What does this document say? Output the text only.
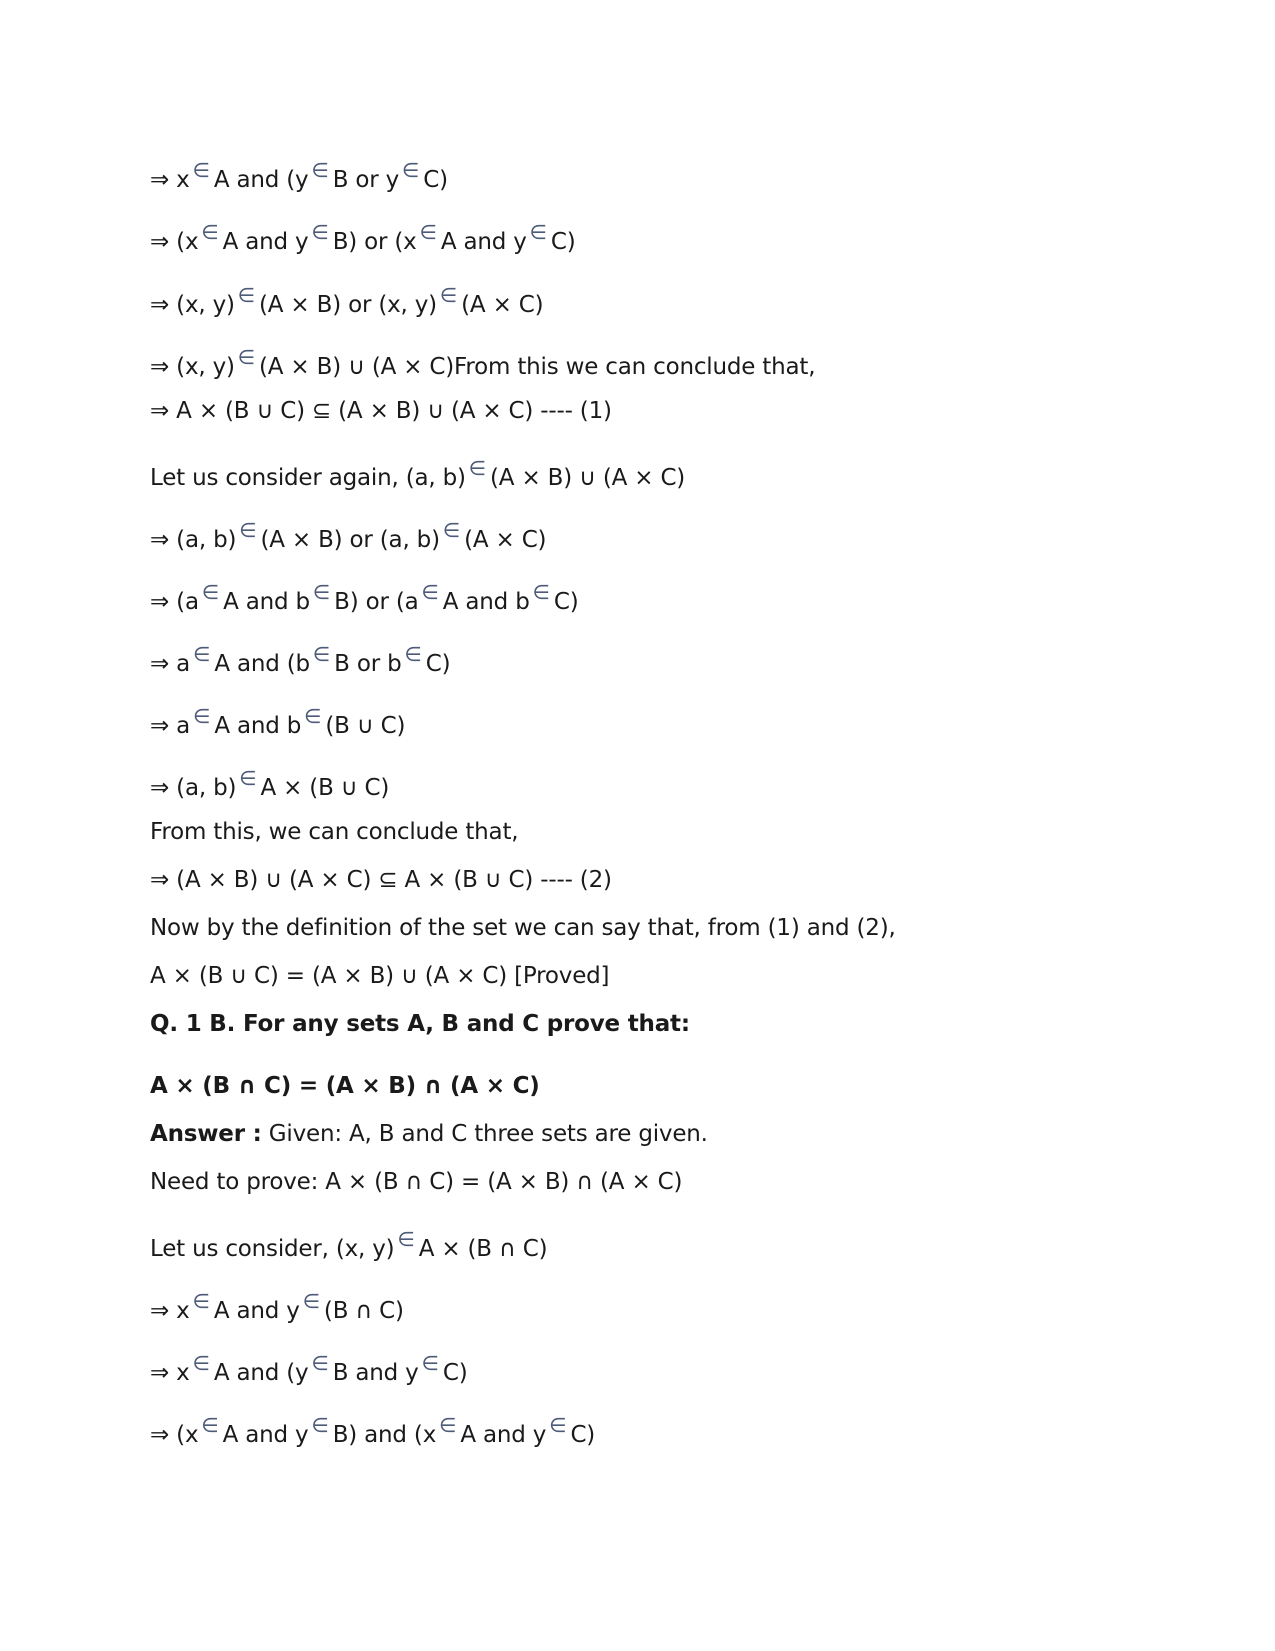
⇒ x ∈ A and (y ∈ B or y ∈ C)
⇒ (x ∈ A and y ∈ B) or (x ∈ A and y ∈ C)
⇒ (x, y) ∈ (A × B) or (x, y) ∈ (A × C)
⇒ (x, y) ∈ (A × B) ∪ (A × C)From this we can conclude that,
⇒ A × (B ∪ C) ⊆ (A × B) ∪ (A × C) ---- (1)
Let us consider again, (a, b) ∈ (A × B) ∪ (A × C)
⇒ (a, b) ∈ (A × B) or (a, b) ∈ (A × C)
⇒ (a ∈ A and b ∈ B) or (a ∈ A and b ∈ C)
⇒ a ∈ A and (b ∈ B or b ∈ C)
⇒ a ∈ A and b ∈ (B ∪ C)
⇒ (a, b) ∈ A × (B ∪ C)
From this, we can conclude that,
⇒ (A × B) ∪ (A × C) ⊆ A × (B ∪ C) ---- (2)
Now by the definition of the set we can say that, from (1) and (2),
A × (B ∪ C) = (A × B) ∪ (A × C) [Proved]
Q. 1 B. For any sets A, B and C prove that:
A × (B ∩ C) = (A × B) ∩ (A × C)
Answer : Given: A, B and C three sets are given.
Need to prove: A × (B ∩ C) = (A × B) ∩ (A × C)
Let us consider, (x, y) ∈ A × (B ∩ C)
⇒ x ∈ A and y ∈ (B ∩ C)
⇒ x ∈ A and (y ∈ B and y ∈ C)
⇒ (x ∈ A and y ∈ B) and (x ∈ A and y ∈ C)
